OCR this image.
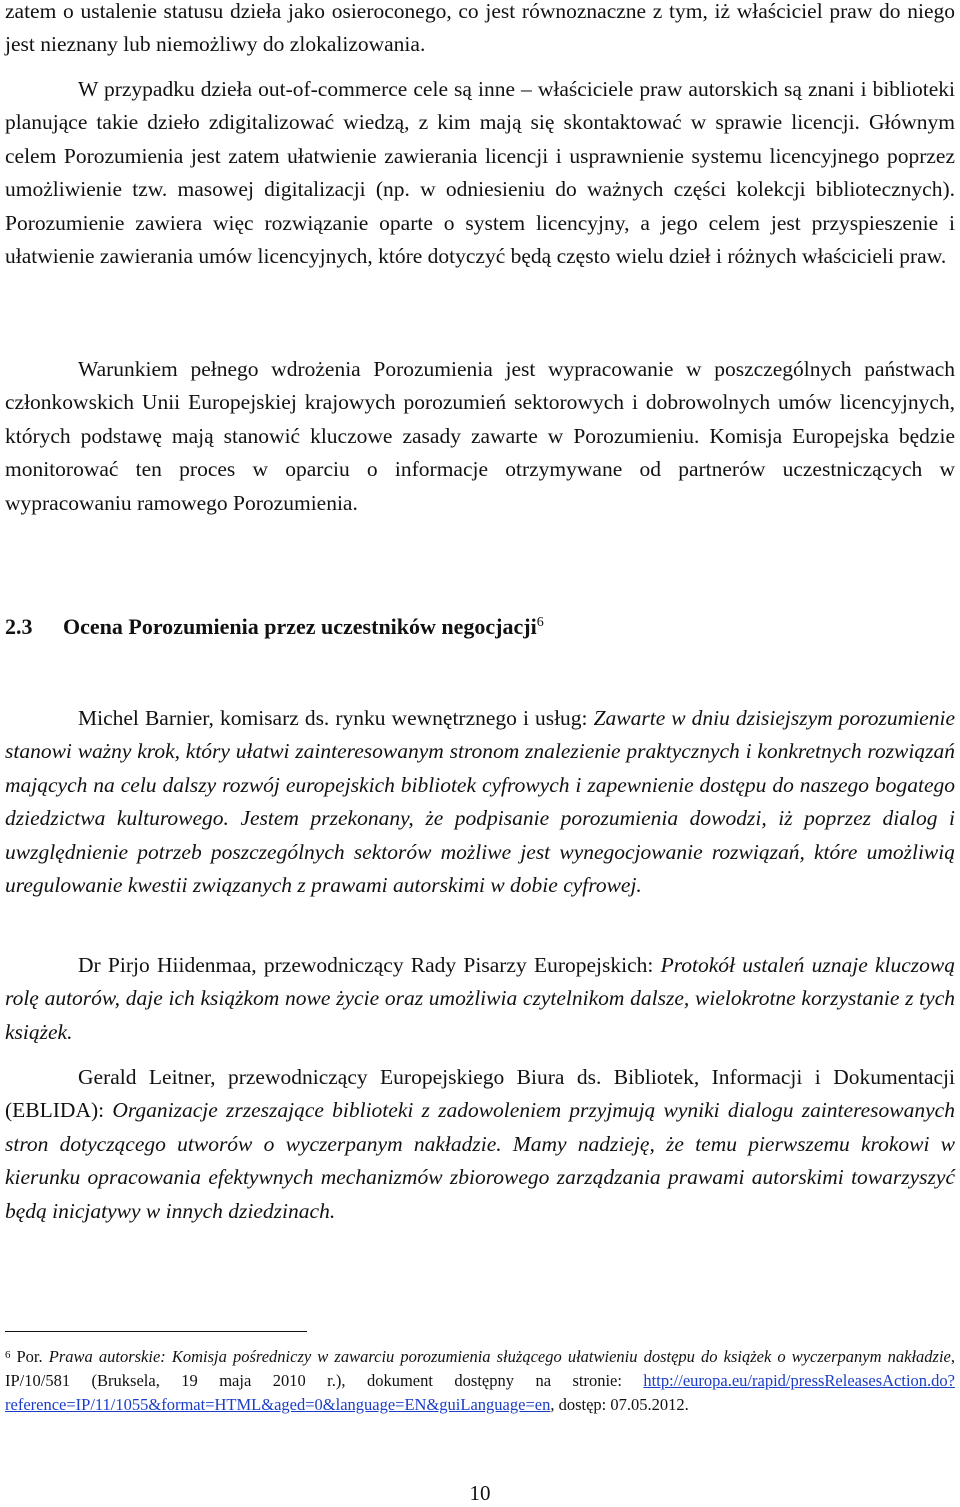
zatem o ustalenie statusu dzieła jako osieroconego, co jest równoznaczne z tym, iż właściciel praw do niego jest nieznany lub niemożliwy do zlokalizowania.

W przypadku dzieła out-of-commerce cele są inne – właściciele praw autorskich są znani i biblioteki planujące takie dzieło zdigitalizować wiedzą, z kim mają się skontaktować w sprawie licencji. Głównym celem Porozumienia jest zatem ułatwienie zawierania licencji i usprawnienie systemu licencyjnego poprzez umożliwienie tzw. masowej digitalizacji (np. w odniesieniu do ważnych części kolekcji bibliotecznych). Porozumienie zawiera więc rozwiązanie oparte o system licencyjny, a jego celem jest przyspieszenie i ułatwienie zawierania umów licencyjnych, które dotyczyć będą często wielu dzieł i różnych właścicieli praw.

Warunkiem pełnego wdrożenia Porozumienia jest wypracowanie w poszczególnych państwach członkowskich Unii Europejskiej krajowych porozumień sektorowych i dobrowolnych umów licencyjnych, których podstawę mają stanowić kluczowe zasady zawarte w Porozumieniu. Komisja Europejska będzie monitorować ten proces w oparciu o informacje otrzymywane od partnerów uczestniczących w wypracowaniu ramowego Porozumienia.

2.3 Ocena Porozumienia przez uczestników negocjacji$^6$

Michel Barnier, komisarz ds. rynku wewnętrznego i usług: Zawarte w dniu dzisiejszym porozumienie stanowi ważny krok, który ułatwi zainteresowanym stronom znalezienie praktycznych i konkretnych rozwiązań mających na celu dalszy rozwój europejskich bibliotek cyfrowych i zapewnienie dostępu do naszego bogatego dziedzictwa kulturowego. Jestem przekonany, że podpisanie porozumienia dowodzi, iż poprzez dialog i uwzględnienie potrzeb poszczególnych sektorów możliwe jest wynegocjowanie rozwiązań, które umożliwią uregulowanie kwestii związanych z prawami autorskimi w dobie cyfrowej.

Dr Pirjo Hiidenmaa, przewodniczący Rady Pisarzy Europejskich: Protokół ustaleń uznaje kluczową rolę autorów, daje ich książkom nowe życie oraz umożliwia czytelnikom dalsze, wielokrotne korzystanie z tych książek.

Gerald Leitner, przewodniczący Europejskiego Biura ds. Bibliotek, Informacji i Dokumentacji (EBLIDA): Organizacje zrzeszające biblioteki z zadowoleniem przyjmują wyniki dialogu zainteresowanych stron dotyczącego utworów o wyczerpanym nakładzie. Mamy nadzieję, że temu pierwszemu krokowi w kierunku opracowania efektywnych mechanizmów zbiorowego zarządzania prawami autorskimi towarzyszyć będą inicjatywy w innych dziedzinach.

$^6$ Por. Prawa autorskie: Komisja pośredniczy w zawarciu porozumienia służącego ułatwieniu dostępu do książek o wyczerpanym nakładzie, IP/10/581 (Bruksela, 19 maja 2010 r.), dokument dostępny na stronie: http://europa.eu/rapid/pressReleasesAction.do?reference=IP/11/1055&format=HTML&aged=0&language=EN&guiLanguage=en, dostęp: 07.05.2012.
10
